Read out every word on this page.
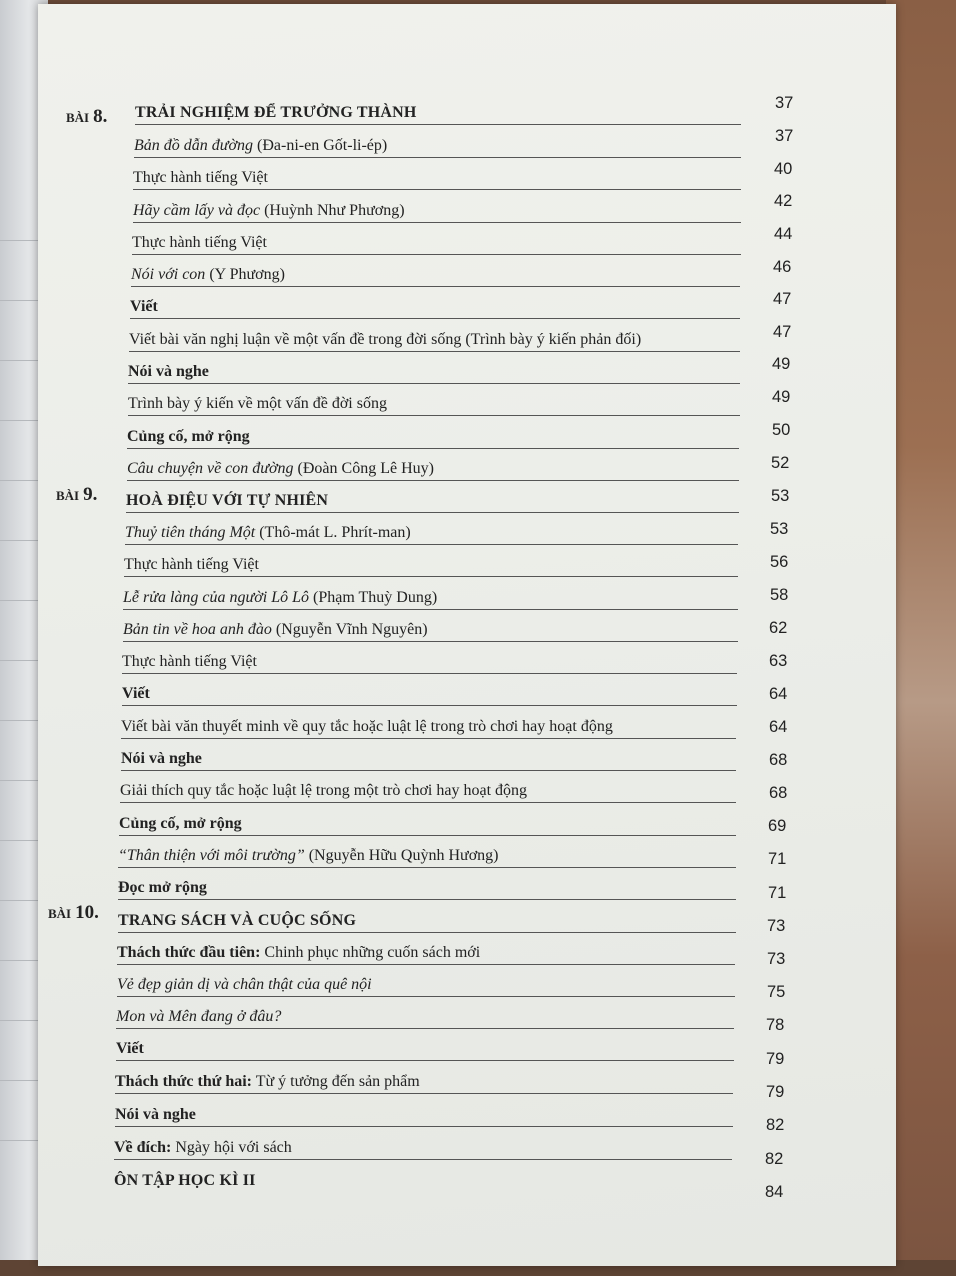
BÀI 8.
BÀI 9.
BÀI 10.
TRẢI NGHIỆM ĐỂ TRƯỞNG THÀNH
Bản đồ dẫn đường (Đa-ni-en Gốt-li-ép)
Thực hành tiếng Việt
Hãy cầm lấy và đọc (Huỳnh Như Phương)
Thực hành tiếng Việt
Nói với con (Y Phương)
Viết
Viết bài văn nghị luận về một vấn đề trong đời sống (Trình bày ý kiến phản đối)
Nói và nghe
Trình bày ý kiến về một vấn đề đời sống
Củng cố, mở rộng
Câu chuyện về con đường (Đoàn Công Lê Huy)
HOÀ ĐIỆU VỚI TỰ NHIÊN
Thuỷ tiên tháng Một (Thô-mát L. Phrít-man)
Thực hành tiếng Việt
Lễ rửa làng của người Lô Lô (Phạm Thuỳ Dung)
Bản tin về hoa anh đào (Nguyễn Vĩnh Nguyên)
Thực hành tiếng Việt
Viết
Viết bài văn thuyết minh về quy tắc hoặc luật lệ trong trò chơi hay hoạt động
Nói và nghe
Giải thích quy tắc hoặc luật lệ trong một trò chơi hay hoạt động
Củng cố, mở rộng
“Thân thiện với môi trường” (Nguyễn Hữu Quỳnh Hương)
Đọc mở rộng
TRANG SÁCH VÀ CUỘC SỐNG
Thách thức đầu tiên: Chinh phục những cuốn sách mới
Vẻ đẹp giản dị và chân thật của quê nội
Mon và Mên đang ở đâu?
Viết
Thách thức thứ hai: Từ ý tưởng đến sản phẩm
Nói và nghe
Về đích: Ngày hội với sách
ÔN TẬP HỌC KÌ II
37
37
40
42
44
46
47
47
49
49
50
52
53
53
56
58
62
63
64
64
68
68
69
71
71
73
73
75
78
79
79
82
82
84
